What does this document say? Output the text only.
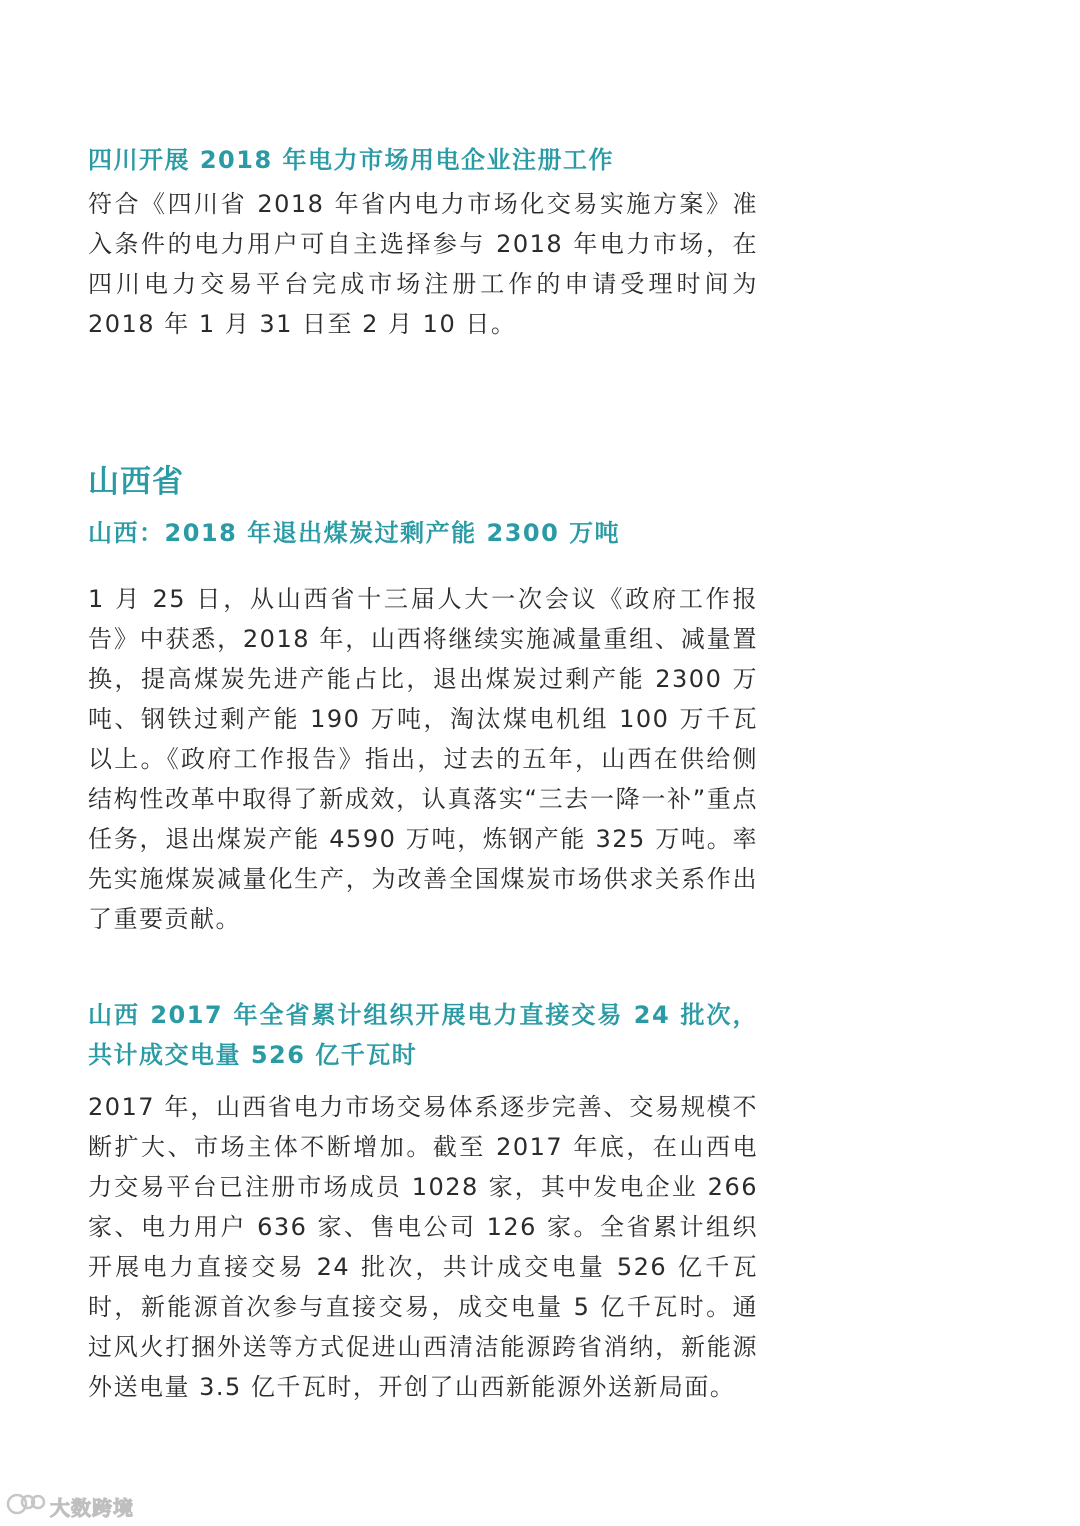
四川开展 2018 年电力市场用电企业注册工作

符合《四川省 2018 年省内电力市场化交易实施方案》准入条件的电力用户可自主选择参与 2018 年电力市场，在四川电力交易平台完成市场注册工作的申请受理时间为 2018 年 1 月 31 日至 2 月 10 日。

山西省
山西：2018 年退出煤炭过剩产能 2300 万吨

1 月 25 日，从山西省十三届人大一次会议《政府工作报告》中获悉，2018 年，山西将继续实施减量重组、减量置换，提高煤炭先进产能占比，退出煤炭过剩产能 2300 万吨、钢铁过剩产能 190 万吨，淘汰煤电机组 100 万千瓦以上。《政府工作报告》指出，过去的五年，山西在供给侧结构性改革中取得了新成效，认真落实“三去一降一补”重点任务，退出煤炭产能 4590 万吨，炼钢产能 325 万吨。率先实施煤炭减量化生产，为改善全国煤炭市场供求关系作出了重要贡献。

山西 2017 年全省累计组织开展电力直接交易 24 批次，共计成交电量 526 亿千瓦时

2017 年，山西省电力市场交易体系逐步完善、交易规模不断扩大、市场主体不断增加。截至 2017 年底，在山西电力交易平台已注册市场成员 1028 家，其中发电企业 266 家、电力用户 636 家、售电公司 126 家。全省累计组织开展电力直接交易 24 批次，共计成交电量 526 亿千瓦时，新能源首次参与直接交易，成交电量 5 亿千瓦时。通过风火打捆外送等方式促进山西清洁能源跨省消纳，新能源外送电量 3.5 亿千瓦时，开创了山西新能源外送新局面。

大数跨境
